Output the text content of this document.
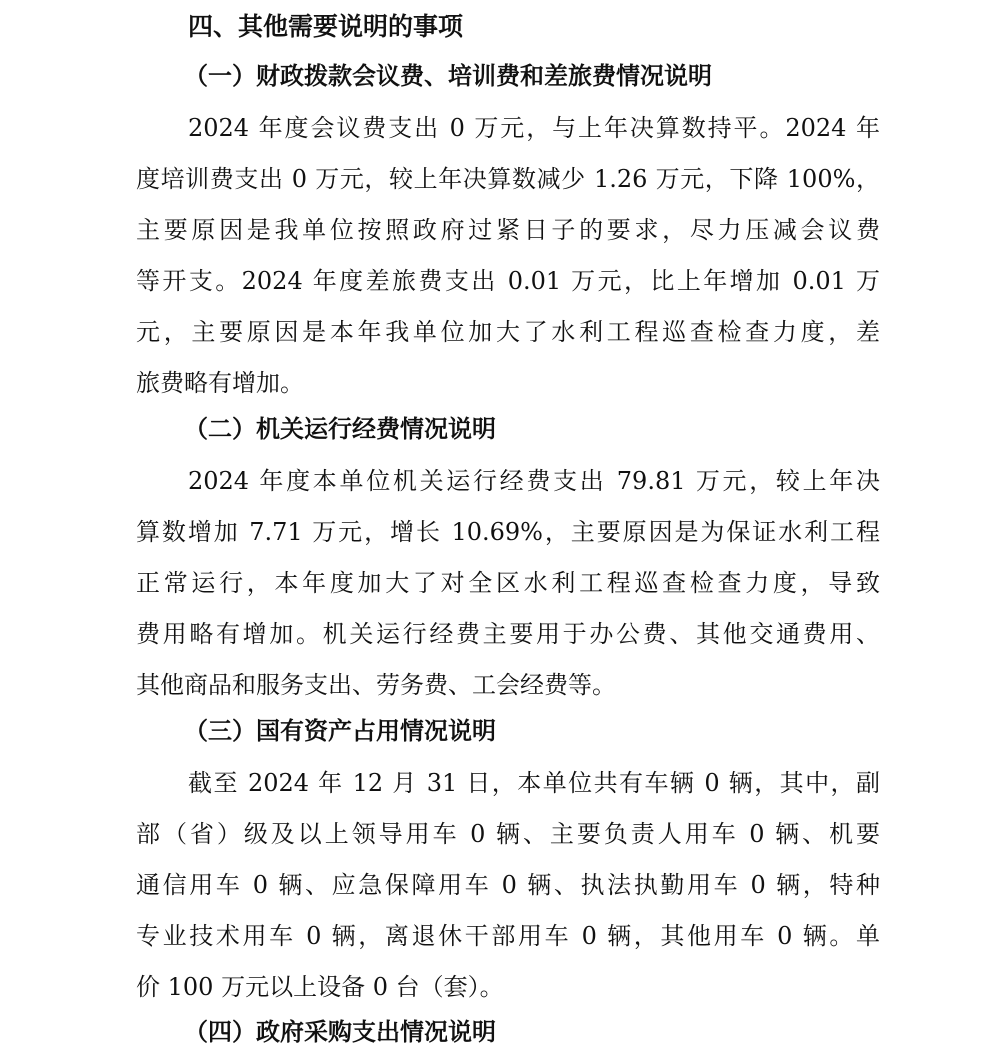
四、其他需要说明的事项
（一）财政拨款会议费、培训费和差旅费情况说明
2024 年度会议费支出 0 万元，与上年决算数持平。2024 年
度培训费支出 0 万元，较上年决算数减少 1.26 万元，下降 100%，
主要原因是我单位按照政府过紧日子的要求，尽力压减会议费
等开支。2024 年度差旅费支出 0.01 万元，比上年增加 0.01 万
元，主要原因是本年我单位加大了水利工程巡查检查力度，差
旅费略有增加。
（二）机关运行经费情况说明
2024 年度本单位机关运行经费支出 79.81 万元，较上年决
算数增加 7.71 万元，增长 10.69%，主要原因是为保证水利工程
正常运行，本年度加大了对全区水利工程巡查检查力度，导致
费用略有增加。机关运行经费主要用于办公费、其他交通费用、
其他商品和服务支出、劳务费、工会经费等。
（三）国有资产占用情况说明
截至 2024 年 12 月 31 日，本单位共有车辆 0 辆，其中，副
部（省）级及以上领导用车 0 辆、主要负责人用车 0 辆、机要
通信用车 0 辆、应急保障用车 0 辆、执法执勤用车 0 辆，特种
专业技术用车 0 辆，离退休干部用车 0 辆，其他用车 0 辆。单
价 100 万元以上设备 0 台（套）。
（四）政府采购支出情况说明
